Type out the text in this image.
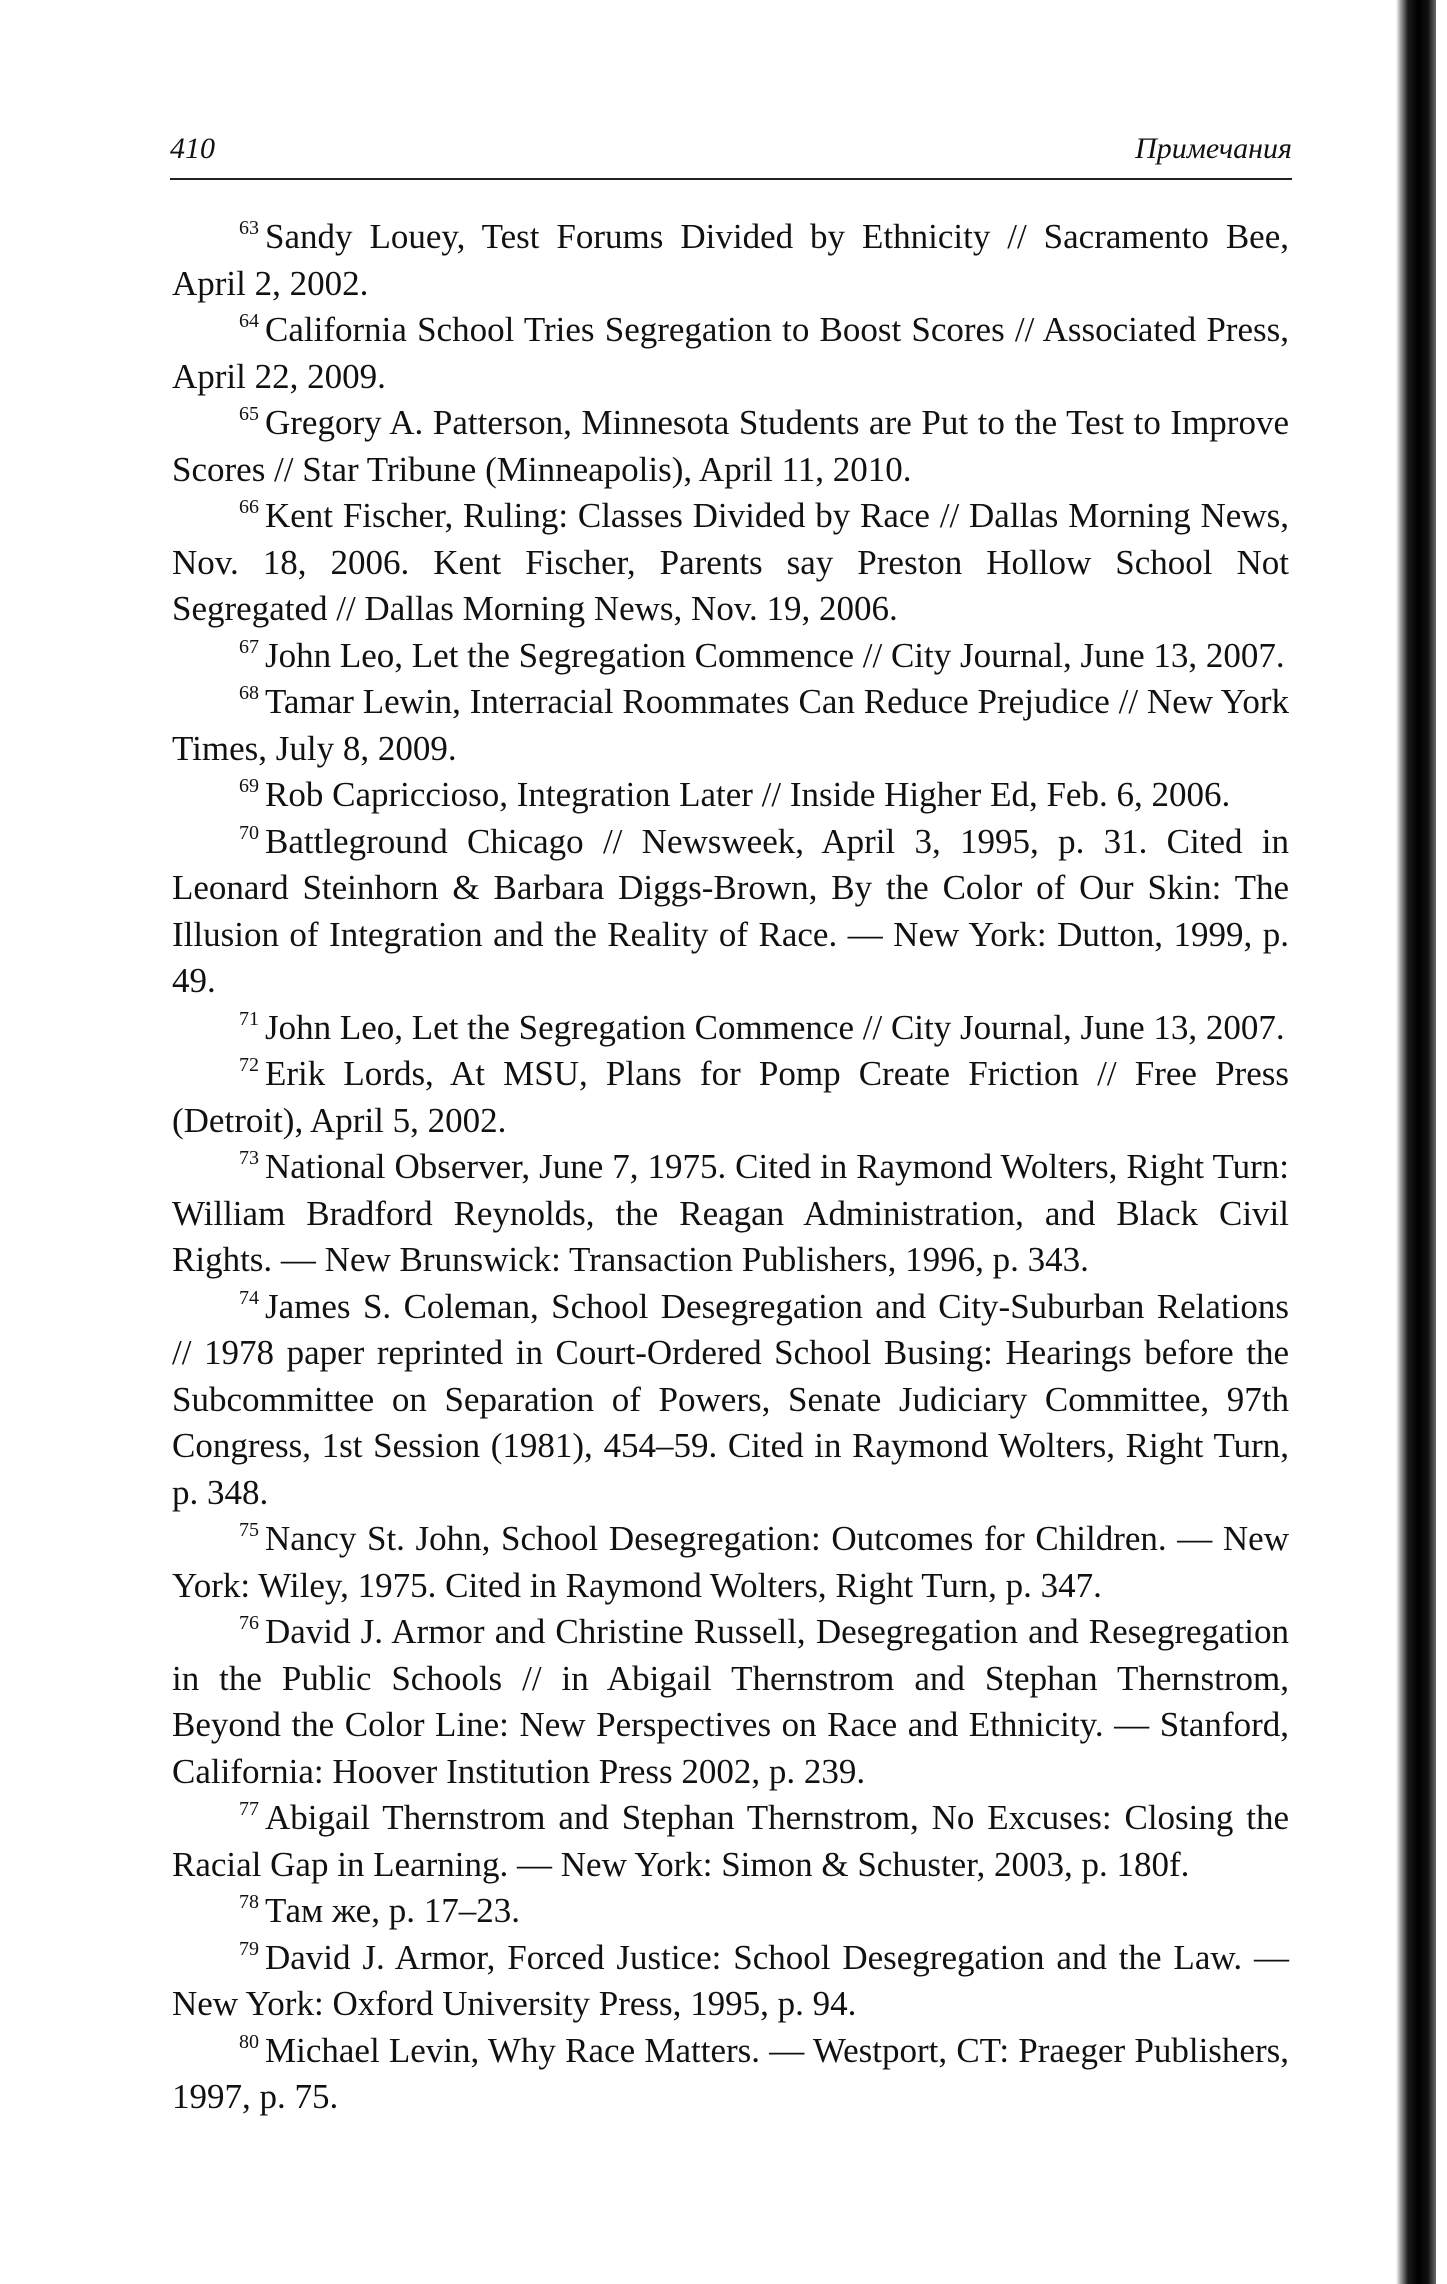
410	Примечания

$^{63}$ Sandy Louey, Test Forums Divided by Ethnicity // Sacramento Bee, April 2, 2002.

$^{64}$ California School Tries Segregation to Boost Scores // Associated Press, April 22, 2009.

$^{65}$ Gregory A. Patterson, Minnesota Students are Put to the Test to Improve Scores // Star Tribune (Minneapolis), April 11, 2010.

$^{66}$ Kent Fischer, Ruling: Classes Divided by Race // Dallas Morning News, Nov. 18, 2006. Kent Fischer, Parents say Preston Hollow School Not Segregated // Dallas Morning News, Nov. 19, 2006.

$^{67}$ John Leo, Let the Segregation Commence // City Journal, June 13, 2007.

$^{68}$ Tamar Lewin, Interracial Roommates Can Reduce Prejudice // New York Times, July 8, 2009.

$^{69}$ Rob Capriccioso, Integration Later // Inside Higher Ed, Feb. 6, 2006.

$^{70}$ Battleground Chicago // Newsweek, April 3, 1995, p. 31. Cited in Leonard Steinhorn & Barbara Diggs-Brown, By the Color of Our Skin: The Illusion of Integration and the Reality of Race. — New York: Dutton, 1999, p. 49.

$^{71}$ John Leo, Let the Segregation Commence // City Journal, June 13, 2007.

$^{72}$ Erik Lords, At MSU, Plans for Pomp Create Friction // Free Press (Detroit), April 5, 2002.

$^{73}$ National Observer, June 7, 1975. Cited in Raymond Wolters, Right Turn: William Bradford Reynolds, the Reagan Administration, and Black Civil Rights. — New Brunswick: Transaction Publishers, 1996, p. 343.

$^{74}$ James S. Coleman, School Desegregation and City-Suburban Relations // 1978 paper reprinted in Court-Ordered School Busing: Hearings before the Subcommittee on Separation of Powers, Senate Judiciary Committee, 97th Congress, 1st Session (1981), 454–59. Cited in Raymond Wolters, Right Turn, p. 348.

$^{75}$ Nancy St. John, School Desegregation: Outcomes for Children. — New York: Wiley, 1975. Cited in Raymond Wolters, Right Turn, p. 347.

$^{76}$ David J. Armor and Christine Russell, Desegregation and Resegregation in the Public Schools // in Abigail Thernstrom and Stephan Thernstrom, Beyond the Color Line: New Perspectives on Race and Ethnicity. — Stanford, California: Hoover Institution Press 2002, p. 239.

$^{77}$ Abigail Thernstrom and Stephan Thernstrom, No Excuses: Closing the Racial Gap in Learning. — New York: Simon & Schuster, 2003, p. 180f.

$^{78}$ Там же, p. 17–23.

$^{79}$ David J. Armor, Forced Justice: School Desegregation and the Law. — New York: Oxford University Press, 1995, p. 94.

$^{80}$ Michael Levin, Why Race Matters. — Westport, CT: Praeger Publishers, 1997, p. 75.
